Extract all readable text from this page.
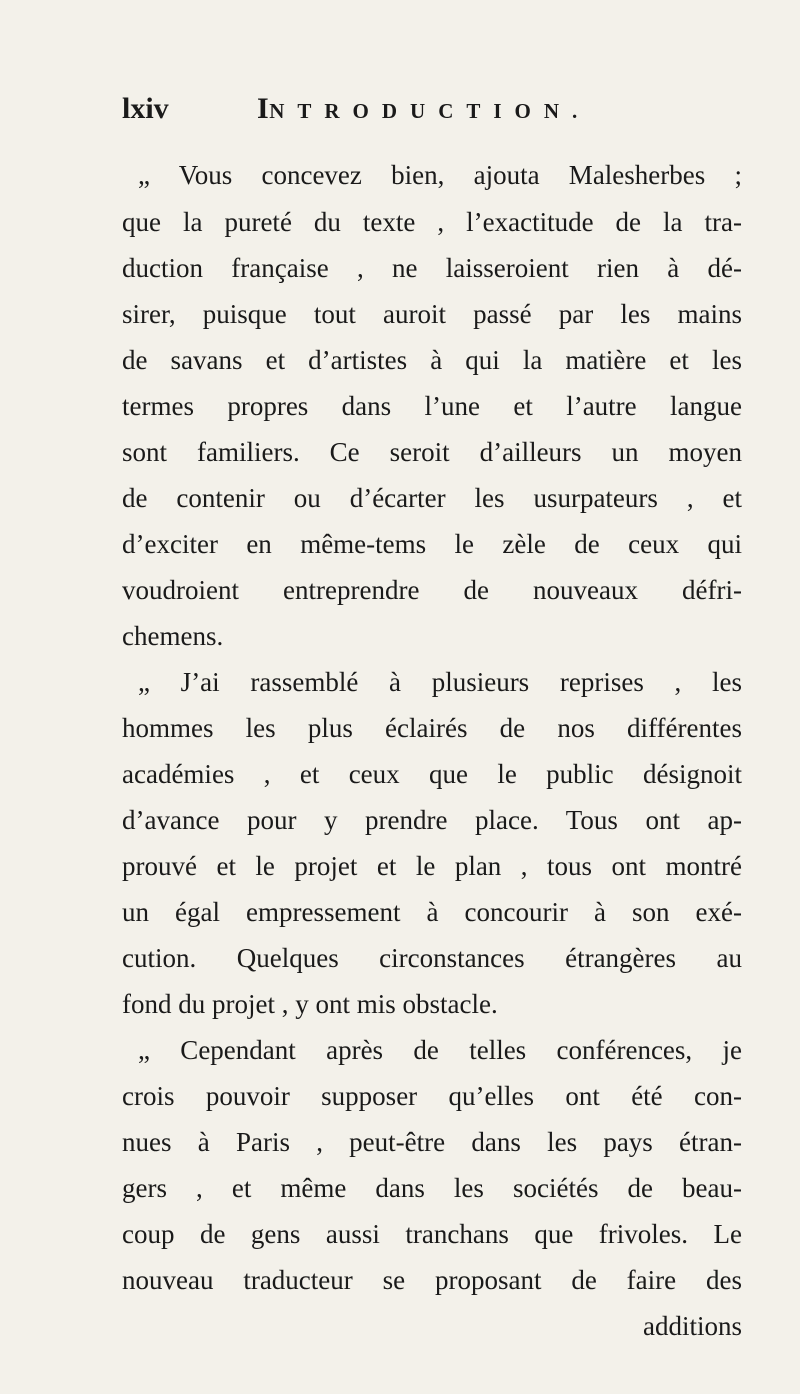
lxiv	INTRODUCTION.
„ Vous concevez bien, ajouta Malesherbes ;
que la pureté du texte , l’exactitude de la tra-
duction française , ne laisseroient rien à dé-
sirer, puisque tout auroit passé par les mains
de savans et d’artistes à qui la matière et les
termes propres dans l’une et l’autre langue
sont familiers. Ce seroit d’ailleurs un moyen
de contenir ou d’écarter les usurpateurs , et
d’exciter en même-tems le zèle de ceux qui
voudroient entreprendre de nouveaux défri-
chemens.
„ J’ai rassemblé à plusieurs reprises , les
hommes les plus éclairés de nos différentes
académies , et ceux que le public désignoit
d’avance pour y prendre place. Tous ont ap-
prouvé et le projet et le plan , tous ont montré
un égal empressement à concourir à son exé-
cution. Quelques circonstances étrangères au
fond du projet , y ont mis obstacle.
„ Cependant après de telles conférences, je
crois pouvoir supposer qu’elles ont été con-
nues à Paris , peut-être dans les pays étran-
gers , et même dans les sociétés de beau-
coup de gens aussi tranchans que frivoles. Le
nouveau traducteur se proposant de faire des
additions
